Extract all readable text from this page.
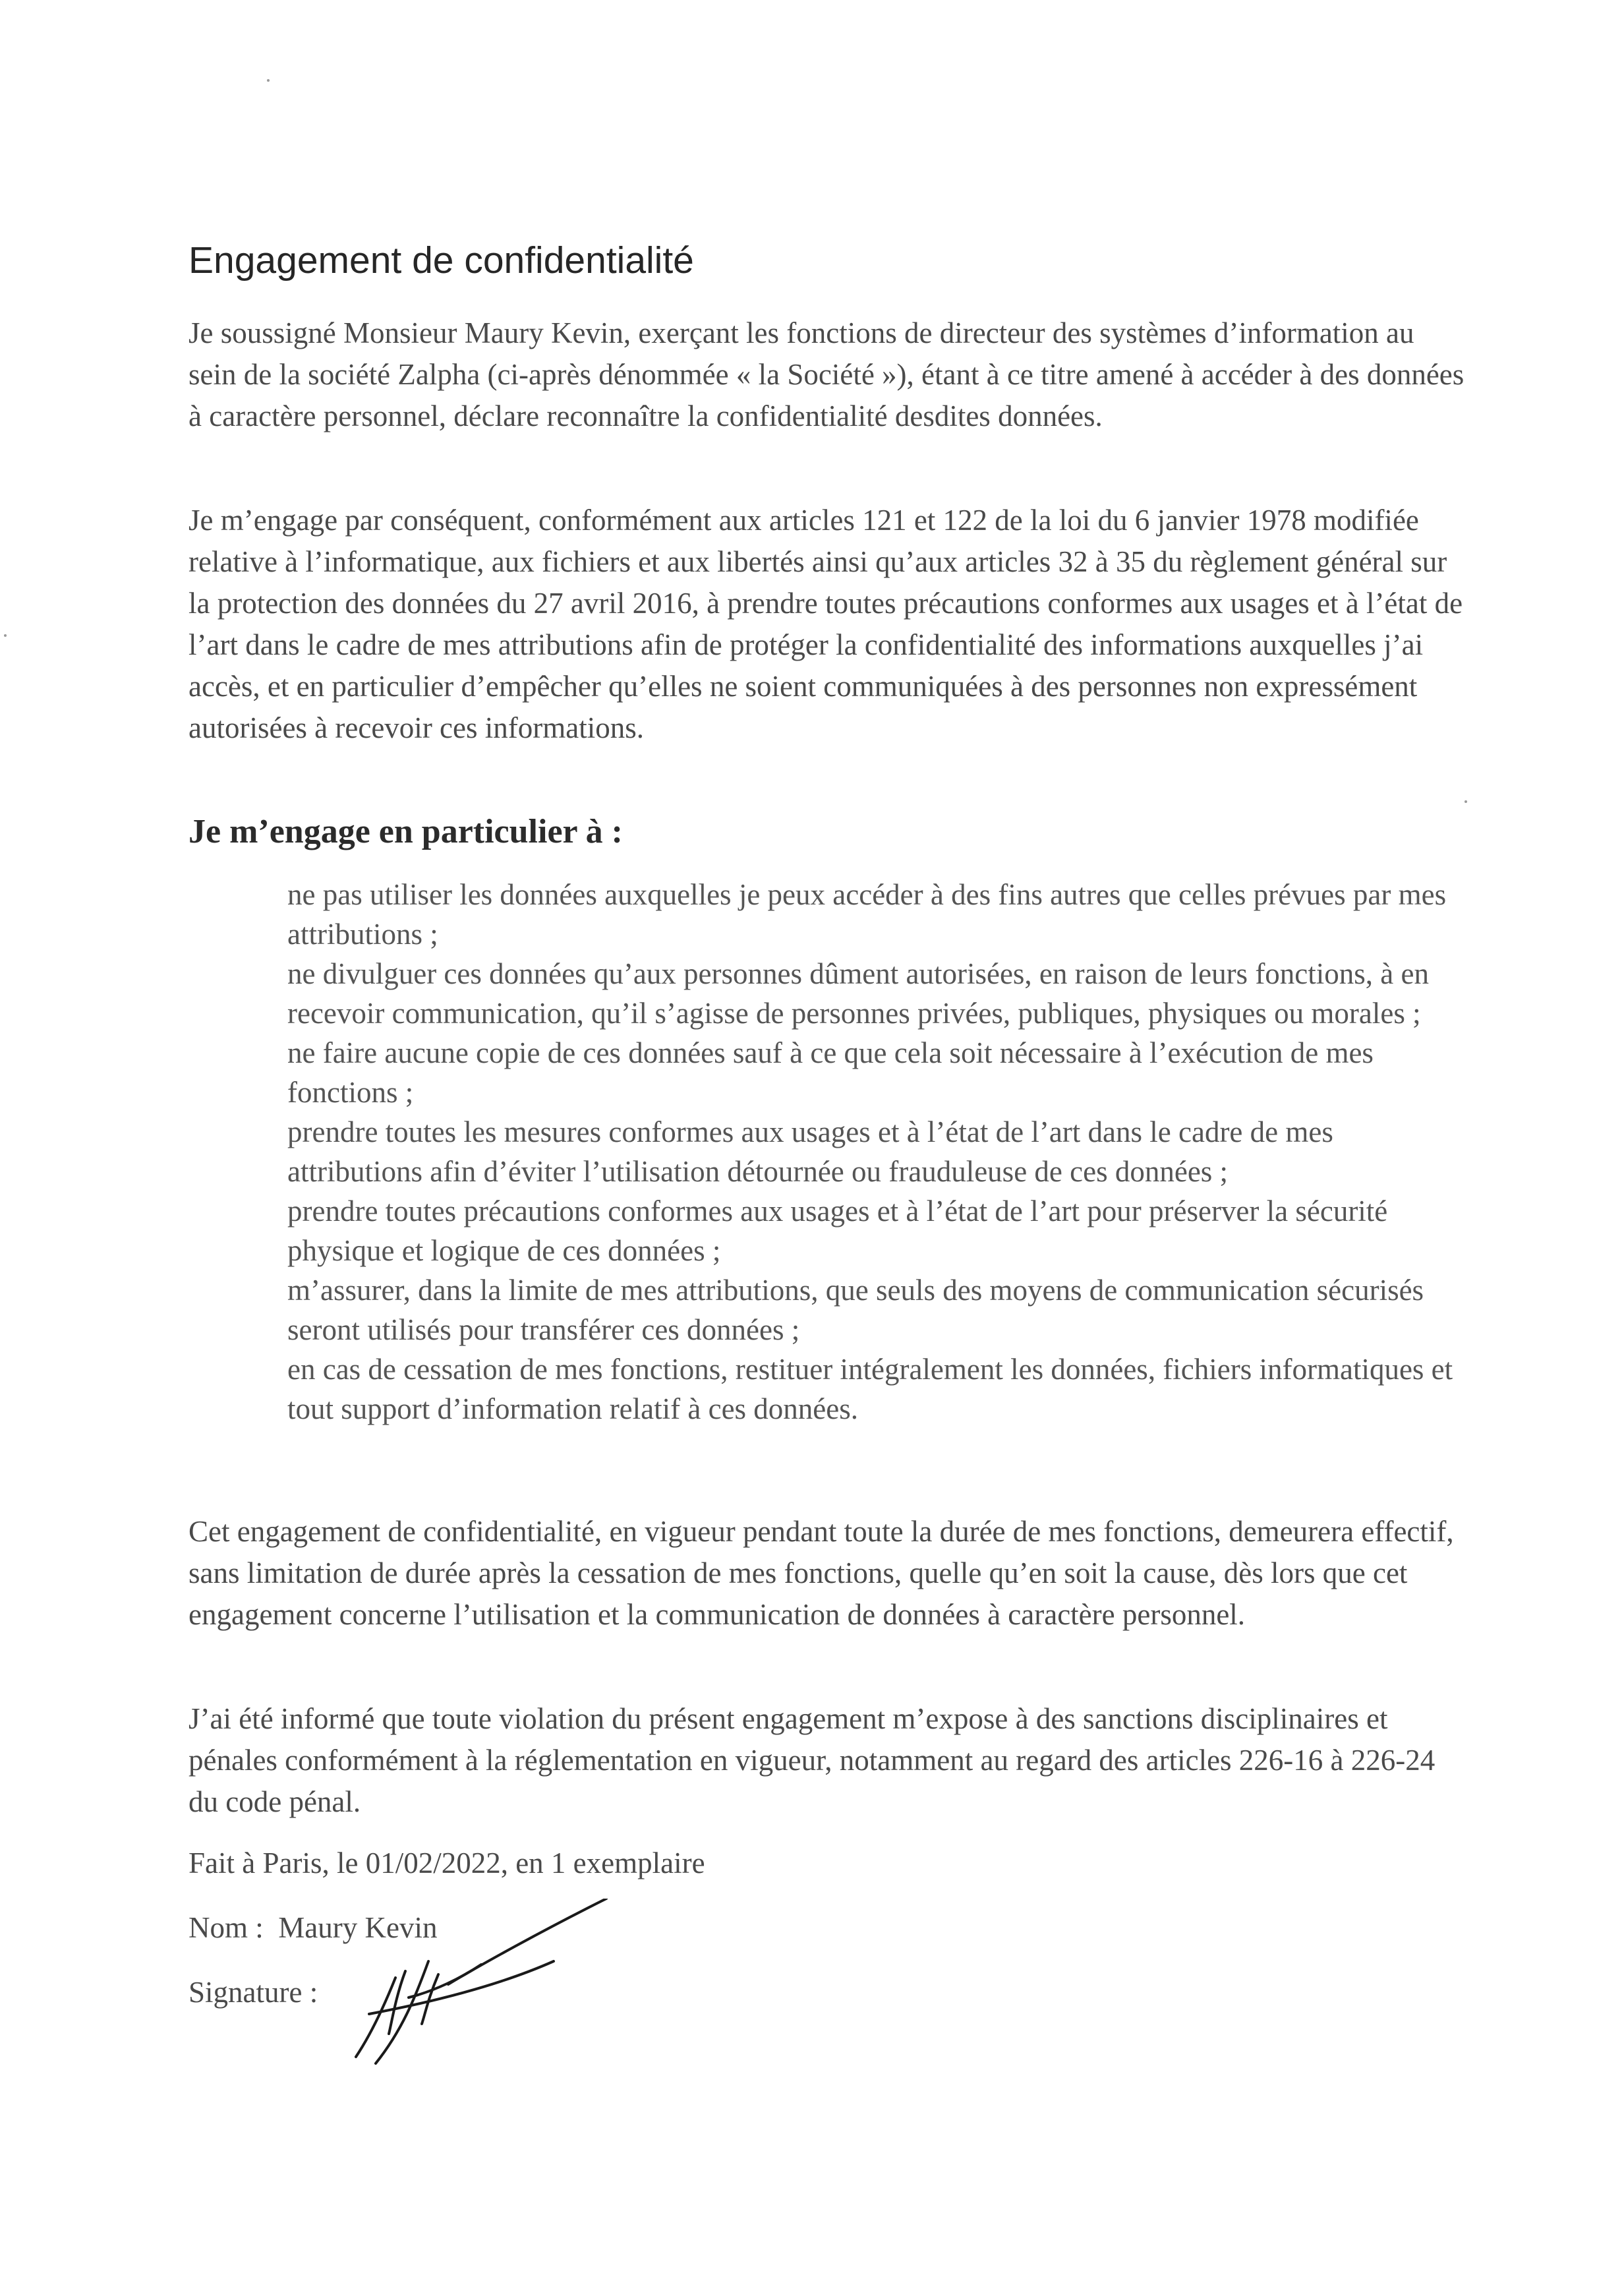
Engagement de confidentialité

Je soussigné Monsieur Maury Kevin, exerçant les fonctions de directeur des systèmes d’information au sein de la société Zalpha (ci-après dénommée « la Société »), étant à ce titre amené à accéder à des données à caractère personnel, déclare reconnaître la confidentialité desdites données.

Je m’engage par conséquent, conformément aux articles 121 et 122 de la loi du 6 janvier 1978 modifiée relative à l’informatique, aux fichiers et aux libertés ainsi qu’aux articles 32 à 35 du règlement général sur la protection des données du 27 avril 2016, à prendre toutes précautions conformes aux usages et à l’état de l’art dans le cadre de mes attributions afin de protéger la confidentialité des informations auxquelles j’ai accès, et en particulier d’empêcher qu’elles ne soient communiquées à des personnes non expressément autorisées à recevoir ces informations.

Je m’engage en particulier à :
ne pas utiliser les données auxquelles je peux accéder à des fins autres que celles prévues par mes attributions ;
ne divulguer ces données qu’aux personnes dûment autorisées, en raison de leurs fonctions, à en recevoir communication, qu’il s’agisse de personnes privées, publiques, physiques ou morales ;
ne faire aucune copie de ces données sauf à ce que cela soit nécessaire à l’exécution de mes fonctions ;
prendre toutes les mesures conformes aux usages et à l’état de l’art dans le cadre de mes attributions afin d’éviter l’utilisation détournée ou frauduleuse de ces données ;
prendre toutes précautions conformes aux usages et à l’état de l’art pour préserver la sécurité physique et logique de ces données ;
m’assurer, dans la limite de mes attributions, que seuls des moyens de communication sécurisés seront utilisés pour transférer ces données ;
en cas de cessation de mes fonctions, restituer intégralement les données, fichiers informatiques et tout support d’information relatif à ces données.

Cet engagement de confidentialité, en vigueur pendant toute la durée de mes fonctions, demeurera effectif, sans limitation de durée après la cessation de mes fonctions, quelle qu’en soit la cause, dès lors que cet engagement concerne l’utilisation et la communication de données à caractère personnel.

J’ai été informé que toute violation du présent engagement m’expose à des sanctions disciplinaires et pénales conformément à la réglementation en vigueur, notamment au regard des articles 226-16 à 226-24 du code pénal.

Fait à Paris, le 01/02/2022, en 1 exemplaire

Nom : Maury Kevin

Signature :
